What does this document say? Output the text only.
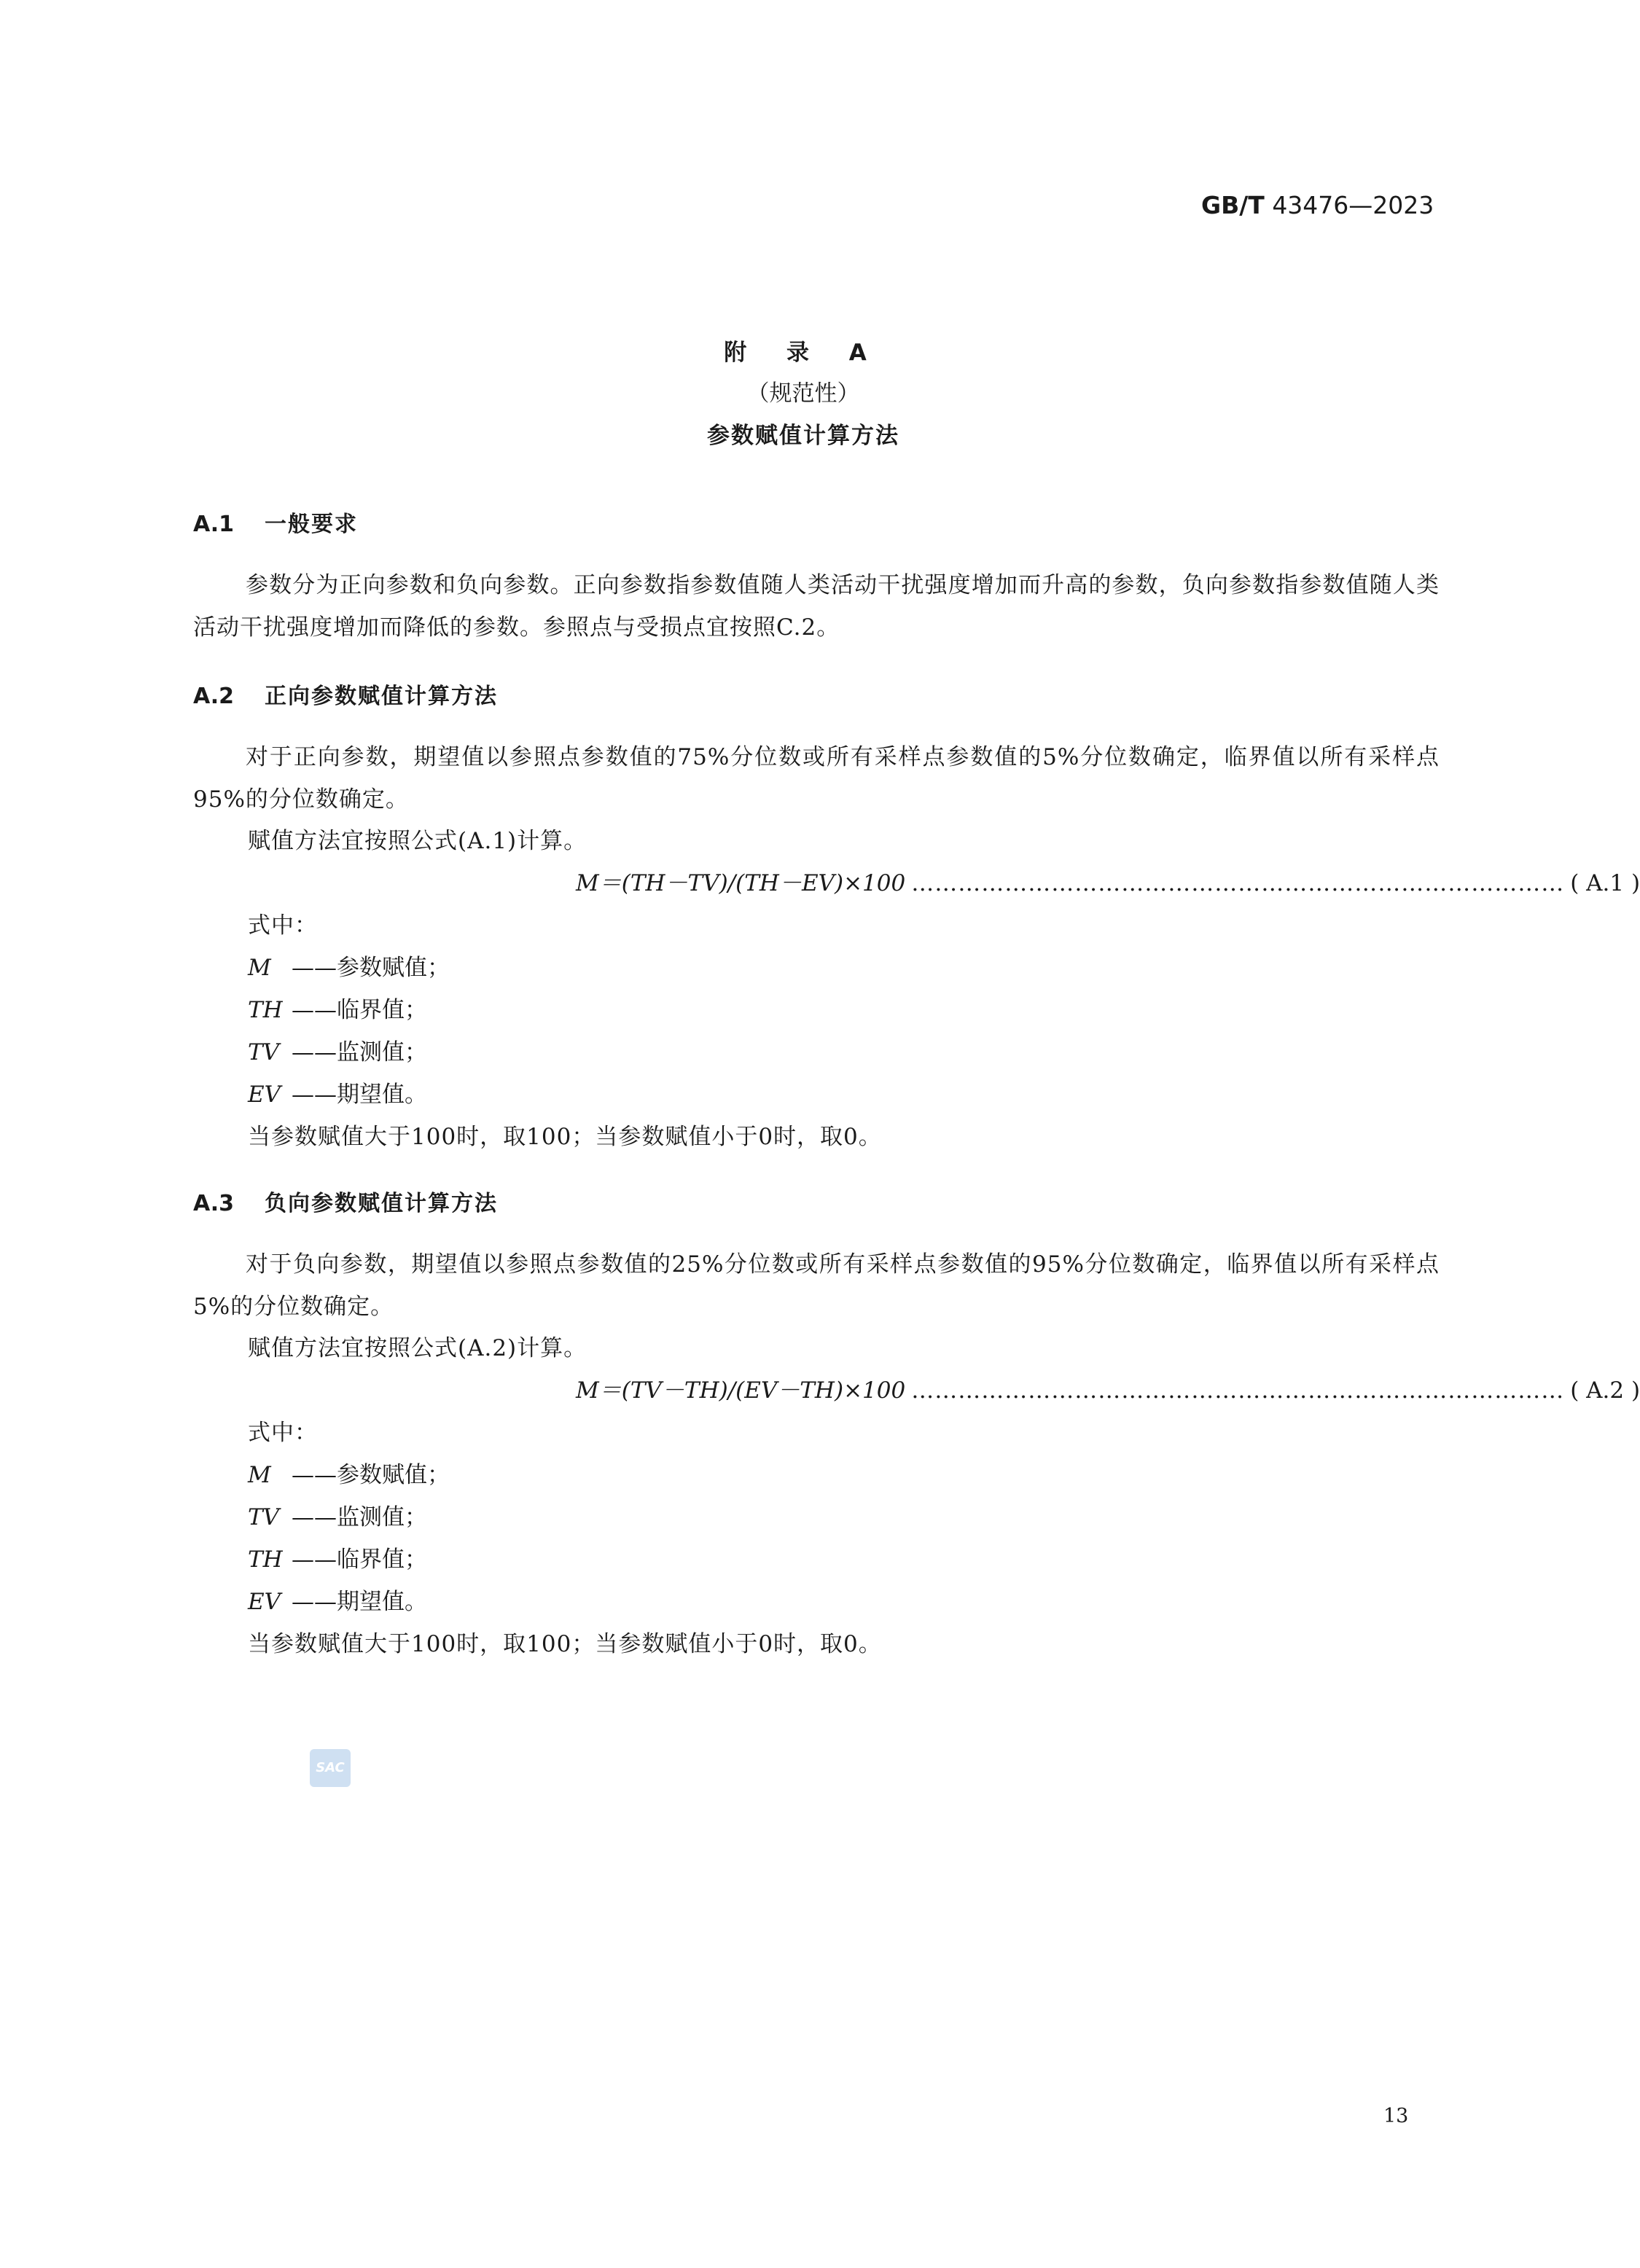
GB/T 43476—2023
附 录 A
（规范性）
参数赋值计算方法
A.1 一般要求
参数分为正向参数和负向参数。正向参数指参数值随人类活动干扰强度增加而升高的参数，负向参数指参数值随人类活动干扰强度增加而降低的参数。参照点与受损点宜按照C.2。
A.2 正向参数赋值计算方法
对于正向参数，期望值以参照点参数值的75%分位数或所有采样点参数值的5%分位数确定，临界值以所有采样点95%的分位数确定。
赋值方法宜按照公式(A.1)计算。
M＝(TH－TV)/(TH－EV)×100 ………………………………………………………………………… ( A.1 )
式中：
M ——参数赋值；
TH ——临界值；
TV ——监测值；
EV ——期望值。
当参数赋值大于100时，取100；当参数赋值小于0时，取0。
A.3 负向参数赋值计算方法
对于负向参数，期望值以参照点参数值的25%分位数或所有采样点参数值的95%分位数确定，临界值以所有采样点5%的分位数确定。
赋值方法宜按照公式(A.2)计算。
M＝(TV－TH)/(EV－TH)×100 ………………………………………………………………………… ( A.2 )
式中：
M ——参数赋值；
TV ——监测值；
TH ——临界值；
EV ——期望值。
当参数赋值大于100时，取100；当参数赋值小于0时，取0。
SAC
13
